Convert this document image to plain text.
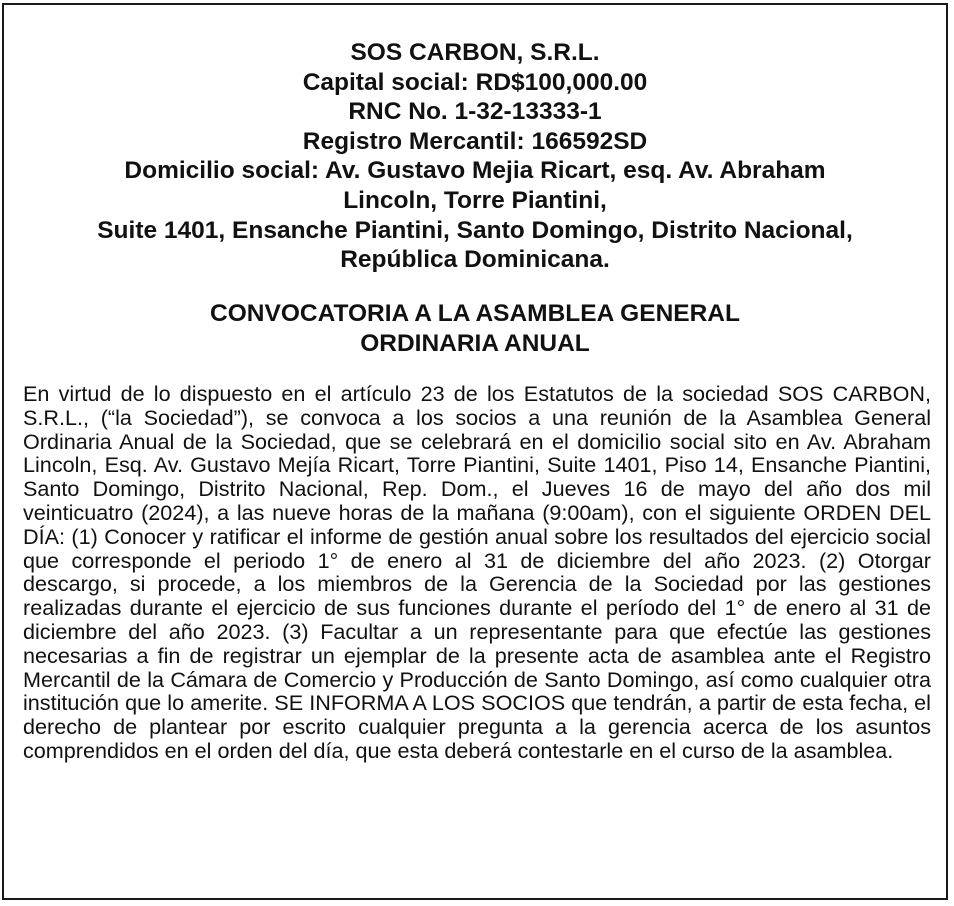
SOS CARBON, S.R.L.
Capital social: RD$100,000.00
RNC No. 1-32-13333-1
Registro Mercantil: 166592SD
Domicilio social: Av. Gustavo Mejia Ricart, esq. Av. Abraham
Lincoln, Torre Piantini,
Suite 1401, Ensanche Piantini, Santo Domingo, Distrito Nacional,
República Dominicana.
CONVOCATORIA A LA ASAMBLEA GENERAL
ORDINARIA ANUAL

En virtud de lo dispuesto en el artículo 23 de los Estatutos de la sociedad SOS CARBON, S.R.L., (“la Sociedad”), se convoca a los socios a una reunión de la Asamblea General Ordinaria Anual de la Sociedad, que se celebrará en el domicilio social sito en Av. Abraham Lincoln, Esq. Av. Gustavo Mejía Ricart, Torre Piantini, Suite 1401, Piso 14, Ensanche Piantini, Santo Domingo, Distrito Nacional, Rep. Dom., el Jueves 16 de mayo del año dos mil veinticuatro (2024), a las nueve horas de la mañana (9:00am), con el siguiente ORDEN DEL DÍA: (1) Conocer y ratificar el informe de gestión anual sobre los resultados del ejercicio social que corresponde el periodo 1° de enero al 31 de diciembre del año 2023. (2) Otorgar descargo, si procede, a los miembros de la Gerencia de la Sociedad por las gestiones realizadas durante el ejercicio de sus funciones durante el período del 1° de enero al 31 de diciembre del año 2023. (3) Facultar a un representante para que efectúe las gestiones necesarias a fin de registrar un ejemplar de la presente acta de asamblea ante el Registro Mercantil de la Cámara de Comercio y Producción de Santo Domingo, así como cualquier otra institución que lo amerite. SE INFORMA A LOS SOCIOS que tendrán, a partir de esta fecha, el derecho de plantear por escrito cualquier pregunta a la gerencia acerca de los asuntos comprendidos en el orden del día, que esta deberá contestarle en el curso de la asamblea.
